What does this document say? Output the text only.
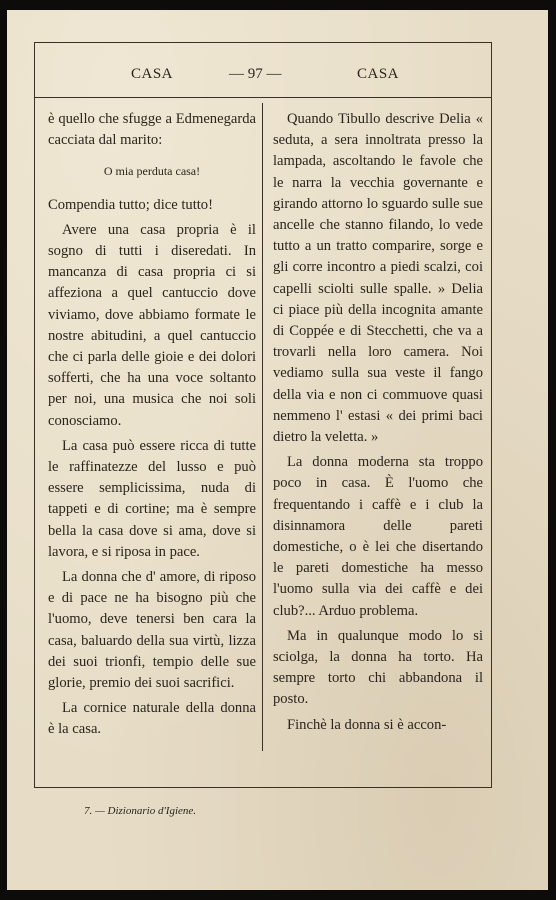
CASA	— 97 —	CASA

è quello che sfugge a Edmenegarda cacciata dal marito:

O mia perduta casa!

Compendia tutto; dice tutto!

Avere una casa propria è il sogno di tutti i diseredati. In mancanza di casa propria ci si affeziona a quel cantuccio dove viviamo, dove abbiamo formate le nostre abitudini, a quel cantuccio che ci parla delle gioie e dei dolori sofferti, che ha una voce soltanto per noi, una musica che noi soli conosciamo.

La casa può essere ricca di tutte le raffinatezze del lusso e può essere semplicissima, nuda di tappeti e di cortine; ma è sempre bella la casa dove si ama, dove si lavora, e si riposa in pace.

La donna che d' amore, di riposo e di pace ne ha bisogno più che l'uomo, deve tenersi ben cara la casa, baluardo della sua virtù, lizza dei suoi trionfi, tempio delle sue glorie, premio dei suoi sacrifici.

La cornice naturale della donna è la casa.

Quando Tibullo descrive Delia « seduta, a sera innoltrata presso la lampada, ascoltando le favole che le narra la vecchia governante e girando attorno lo sguardo sulle sue ancelle che stanno filando, lo vede tutto a un tratto comparire, sorge e gli corre incontro a piedi scalzi, coi capelli sciolti sulle spalle. » Delia ci piace più della incognita amante di Coppée e di Stecchetti, che va a trovarli nella loro camera. Noi vediamo sulla sua veste il fango della via e non ci commuove quasi nemmeno l' estasi « dei primi baci dietro la veletta. »

La donna moderna sta troppo poco in casa. È l'uomo che frequentando i caffè e i club la disinnamora delle pareti domestiche, o è lei che disertando le pareti domestiche ha messo l'uomo sulla via dei caffè e dei club?... Arduo problema.

Ma in qualunque modo lo si sciolga, la donna ha torto. Ha sempre torto chi abbandona il posto.

Finchè la donna si è accon-

7. — Dizionario d'Igiene.
